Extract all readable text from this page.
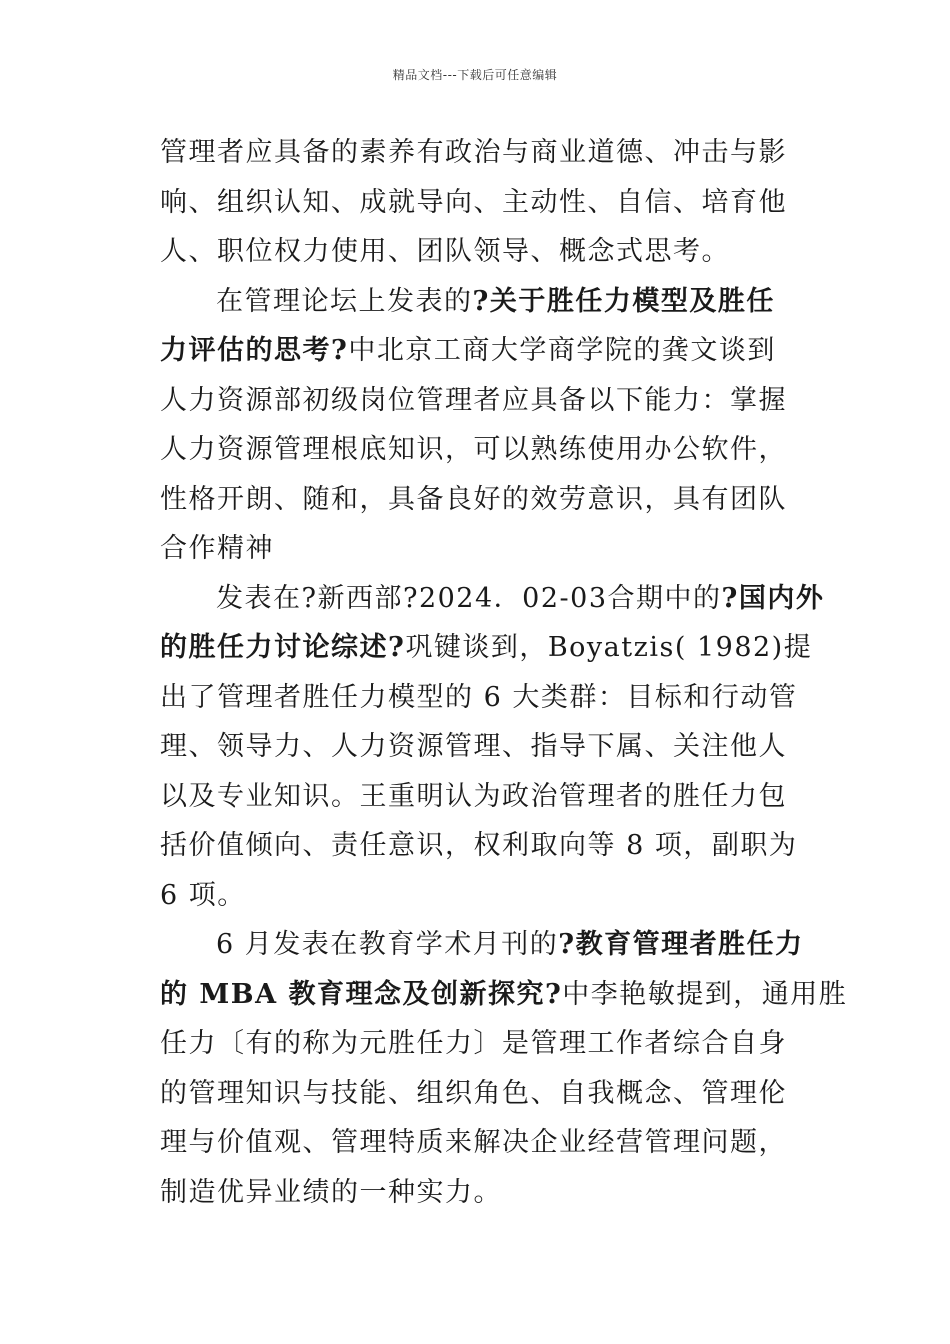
精品文档---下载后可任意编辑
管理者应具备的素养有政治与商业道德、冲击与影
响、组织认知、成就导向、主动性、自信、培育他
人、职位权力使用、团队领导、概念式思考。
在管理论坛上发表的?关于胜任力模型及胜任
力评估的思考?中北京工商大学商学院的龚文谈到
人力资源部初级岗位管理者应具备以下能力：掌握
人力资源管理根底知识，可以熟练使用办公软件，
性格开朗、随和，具备良好的效劳意识，具有团队
合作精神
发表在?新西部?2024．02-03合期中的?国内外
的胜任力讨论综述?巩键谈到，Boyatzis( 1982)提
出了管理者胜任力模型的 6 大类群：目标和行动管
理、领导力、人力资源管理、指导下属、关注他人
以及专业知识。王重明认为政治管理者的胜任力包
括价值倾向、责任意识，权利取向等 8 项，副职为
6 项。
6 月发表在教育学术月刊的?教育管理者胜任力
的 MBA 教育理念及创新探究?中李艳敏提到，通用胜
任力〔有的称为元胜任力〕是管理工作者综合自身
的管理知识与技能、组织角色、自我概念、管理伦
理与价值观、管理特质来解决企业经营管理问题，
制造优异业绩的一种实力。
